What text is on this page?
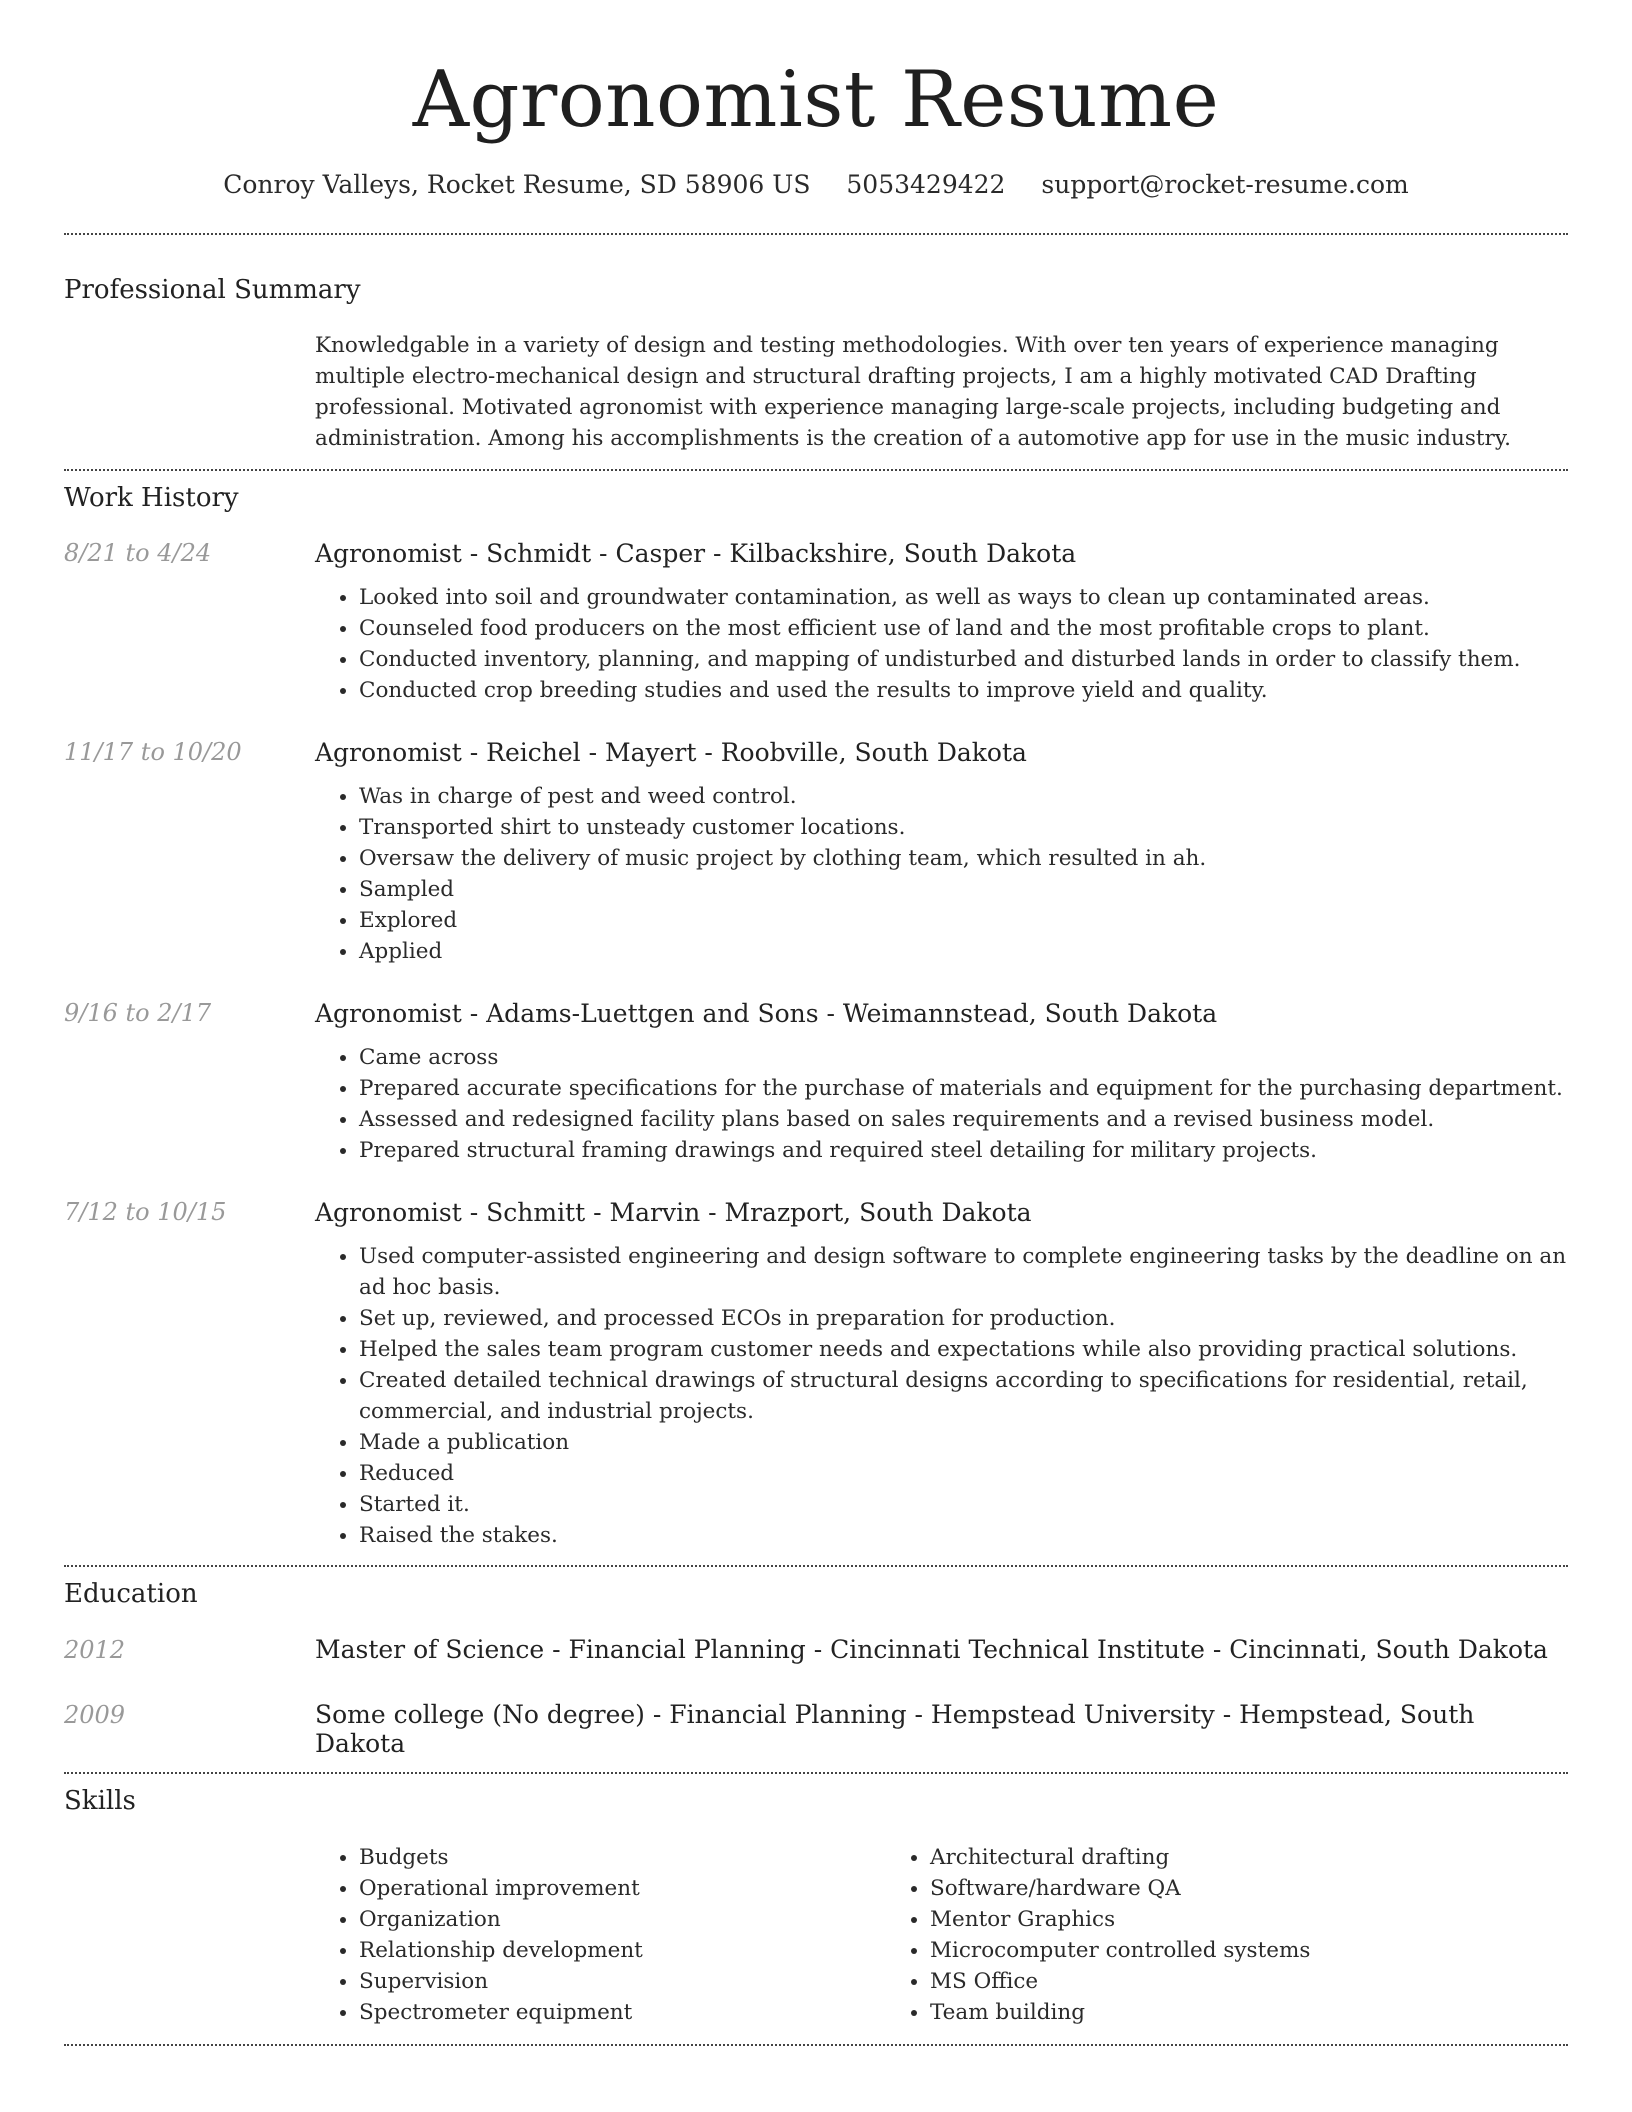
Agronomist Resume
Conroy Valleys, Rocket Resume, SD 58906 US 5053429422 support@rocket-resume.com
Professional Summary
Knowledgable in a variety of design and testing methodologies. With over ten years of experience managing multiple electro-mechanical design and structural drafting projects, I am a highly motivated CAD Drafting professional. Motivated agronomist with experience managing large-scale projects, including budgeting and administration. Among his accomplishments is the creation of a automotive app for use in the music industry.
Work History
8/21 to 4/24	Agronomist - Schmidt - Casper - Kilbackshire, South Dakota
• Looked into soil and groundwater contamination, as well as ways to clean up contaminated areas.
• Counseled food producers on the most efficient use of land and the most profitable crops to plant.
• Conducted inventory, planning, and mapping of undisturbed and disturbed lands in order to classify them.
• Conducted crop breeding studies and used the results to improve yield and quality.
11/17 to 10/20	Agronomist - Reichel - Mayert - Roobville, South Dakota
• Was in charge of pest and weed control.
• Transported shirt to unsteady customer locations.
• Oversaw the delivery of music project by clothing team, which resulted in ah.
• Sampled
• Explored
• Applied
9/16 to 2/17	Agronomist - Adams-Luettgen and Sons - Weimannstead, South Dakota
• Came across
• Prepared accurate specifications for the purchase of materials and equipment for the purchasing department.
• Assessed and redesigned facility plans based on sales requirements and a revised business model.
• Prepared structural framing drawings and required steel detailing for military projects.
7/12 to 10/15	Agronomist - Schmitt - Marvin - Mrazport, South Dakota
• Used computer-assisted engineering and design software to complete engineering tasks by the deadline on an ad hoc basis.
• Set up, reviewed, and processed ECOs in preparation for production.
• Helped the sales team program customer needs and expectations while also providing practical solutions.
• Created detailed technical drawings of structural designs according to specifications for residential, retail, commercial, and industrial projects.
• Made a publication
• Reduced
• Started it.
• Raised the stakes.
Education
2012	Master of Science - Financial Planning - Cincinnati Technical Institute - Cincinnati, South Dakota
2009	Some college (No degree) - Financial Planning - Hempstead University - Hempstead, South Dakota
Skills
• Budgets
• Operational improvement
• Organization
• Relationship development
• Supervision
• Spectrometer equipment
• Architectural drafting
• Software/hardware QA
• Mentor Graphics
• Microcomputer controlled systems
• MS Office
• Team building
